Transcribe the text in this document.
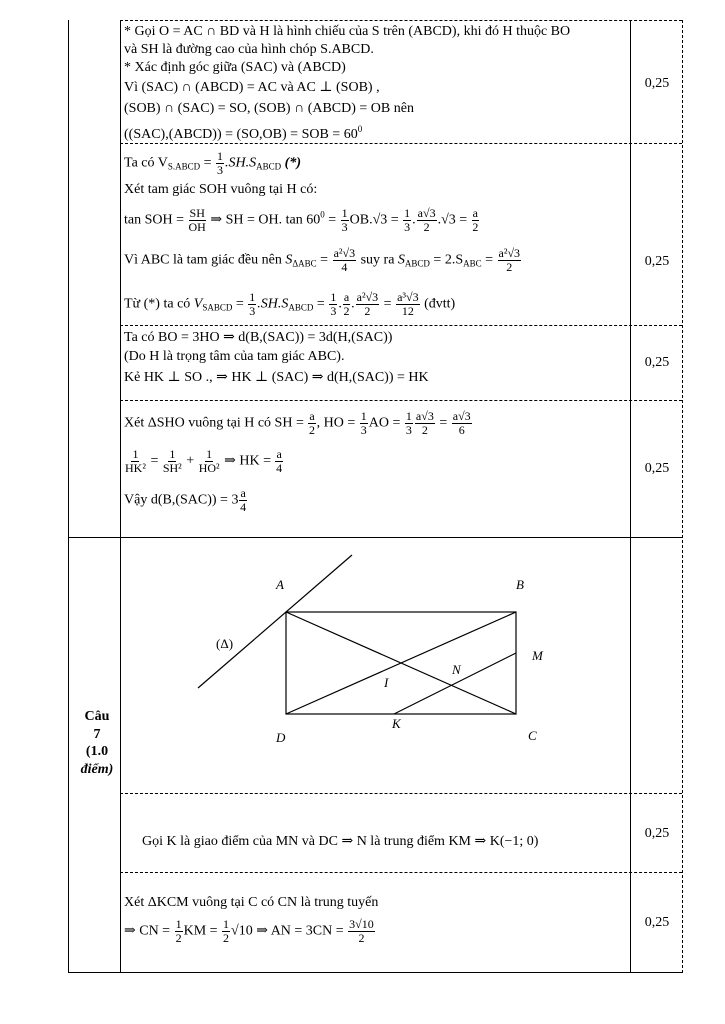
* Gọi O = AC ∩ BD và H là hình chiếu của S trên (ABCD), khi đó H thuộc BO
và SH là đường cao của hình chóp S.ABCD.
* Xác định góc giữa (SAC) và (ABCD)
Vì (SAC) ∩ (ABCD) = AC và AC ⊥ (SOB) ,
(SOB) ∩ (SAC) = SO, (SOB) ∩ (ABCD) = OB nên
((SAC),(ABCD)) = (SO,OB) = SOB = $60^0$
0,25
Ta có $V_{S.ABCD} = \frac{1}{3} .SH.S_{ABCD}$ (*)
Xét tam giác SOH vuông tại H có:
tan SOH = $\frac{SH}{OH}$ ⇒ SH = OH. $\tan 60^0 = \frac{1}{3} OB.√3 = \frac{1}{3}$ . $\frac{a√3}{2} .√3 = \frac{a}{2}$
Vì ABC là tam giác đều nên $S_{\Delta ABC} = \frac{\text{a²√3}}{4}$ suy ra $S_{ABCD} = 2.S_{ABC} = \frac{\text{a²√3}}{2}$
Từ (*) ta có $V_{SABCD} = \frac{1}{3} .SH.S_{ABCD} = \frac{1}{3}$ . $\frac{a}{2}$ . $\frac{\text{a²√3}}{2} = \frac{\text{a³√3}}{12}$ (đvtt)
0,25
Ta có BO = 3HO ⇒ d(B,(SAC)) = 3d(H,(SAC))
(Do H là trọng tâm của tam giác ABC).
Kẻ HK ⊥ SO ., ⇒ HK ⊥ (SAC) ⇒ d(H,(SAC)) = HK
0,25
Xét ΔSHO vuông tại H có SH = $\frac{a}{2}$ , HO = $\frac{1}{3}$ AO = $\frac{1}{3} \frac{a√3}{2} = \frac{a√3}{6}$
$\frac{1}{\text{HK²}} = \frac{1}{\text{SH²}} + \frac{1}{\text{HO²}}$ ⇒ HK = $\frac{a}{4}$
Vậy $d(B,(SAC)) = 3 \frac{a}{4}$
0,25
Câu
7
(1.0
điểm)
A	B
C
D
M
N
I
K
(Δ)
Gọi K là giao điểm của MN và DC ⇒ N là trung điểm KM ⇒ K(−1; 0)
0,25
Xét ΔKCM vuông tại C có CN là trung tuyến
⇒ CN = $\frac{1}{2}$ KM = $\frac{1}{2} √10$ ⇒ AN = $3CN = \frac{3√10}{2}$	0,25
